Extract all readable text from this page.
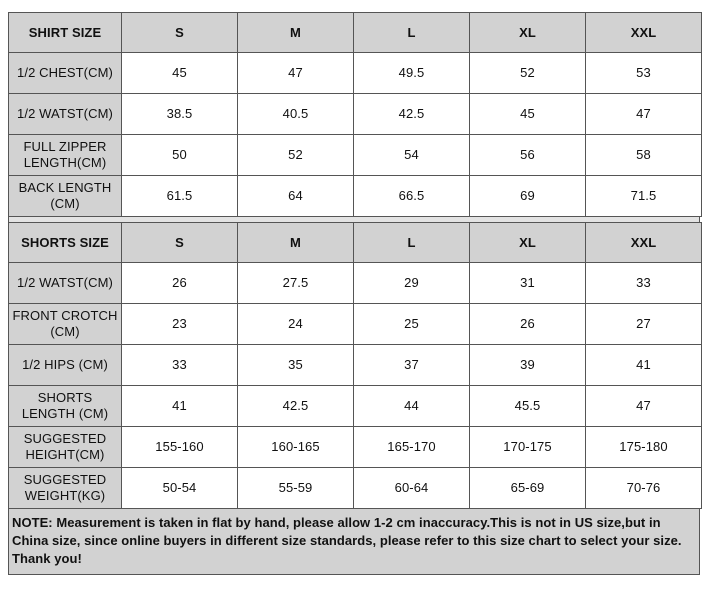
SHIRT SIZE	S	M	L	XL	XXL
1/2 CHEST(CM)	45	47	49.5	52	53
1/2 WATST(CM)	38.5	40.5	42.5	45	47
FULL ZIPPER LENGTH(CM)	50	52	54	56	58
BACK LENGTH (CM)	61.5	64	66.5	69	71.5
SHORTS SIZE	S	M	L	XL	XXL
1/2 WATST(CM)	26	27.5	29	31	33
FRONT CROTCH (CM)	23	24	25	26	27
1/2 HIPS (CM)	33	35	37	39	41
SHORTS LENGTH (CM)	41	42.5	44	45.5	47
SUGGESTED HEIGHT(CM)	155-160	160-165	165-170	170-175	175-180
SUGGESTED WEIGHT(KG)	50-54	55-59	60-64	65-69	70-76
NOTE: Measurement is taken in flat by hand, please allow 1-2 cm inaccuracy.This is not in US size,but in China size, since online buyers in different size standards, please refer to this size chart to select your size. Thank you!
